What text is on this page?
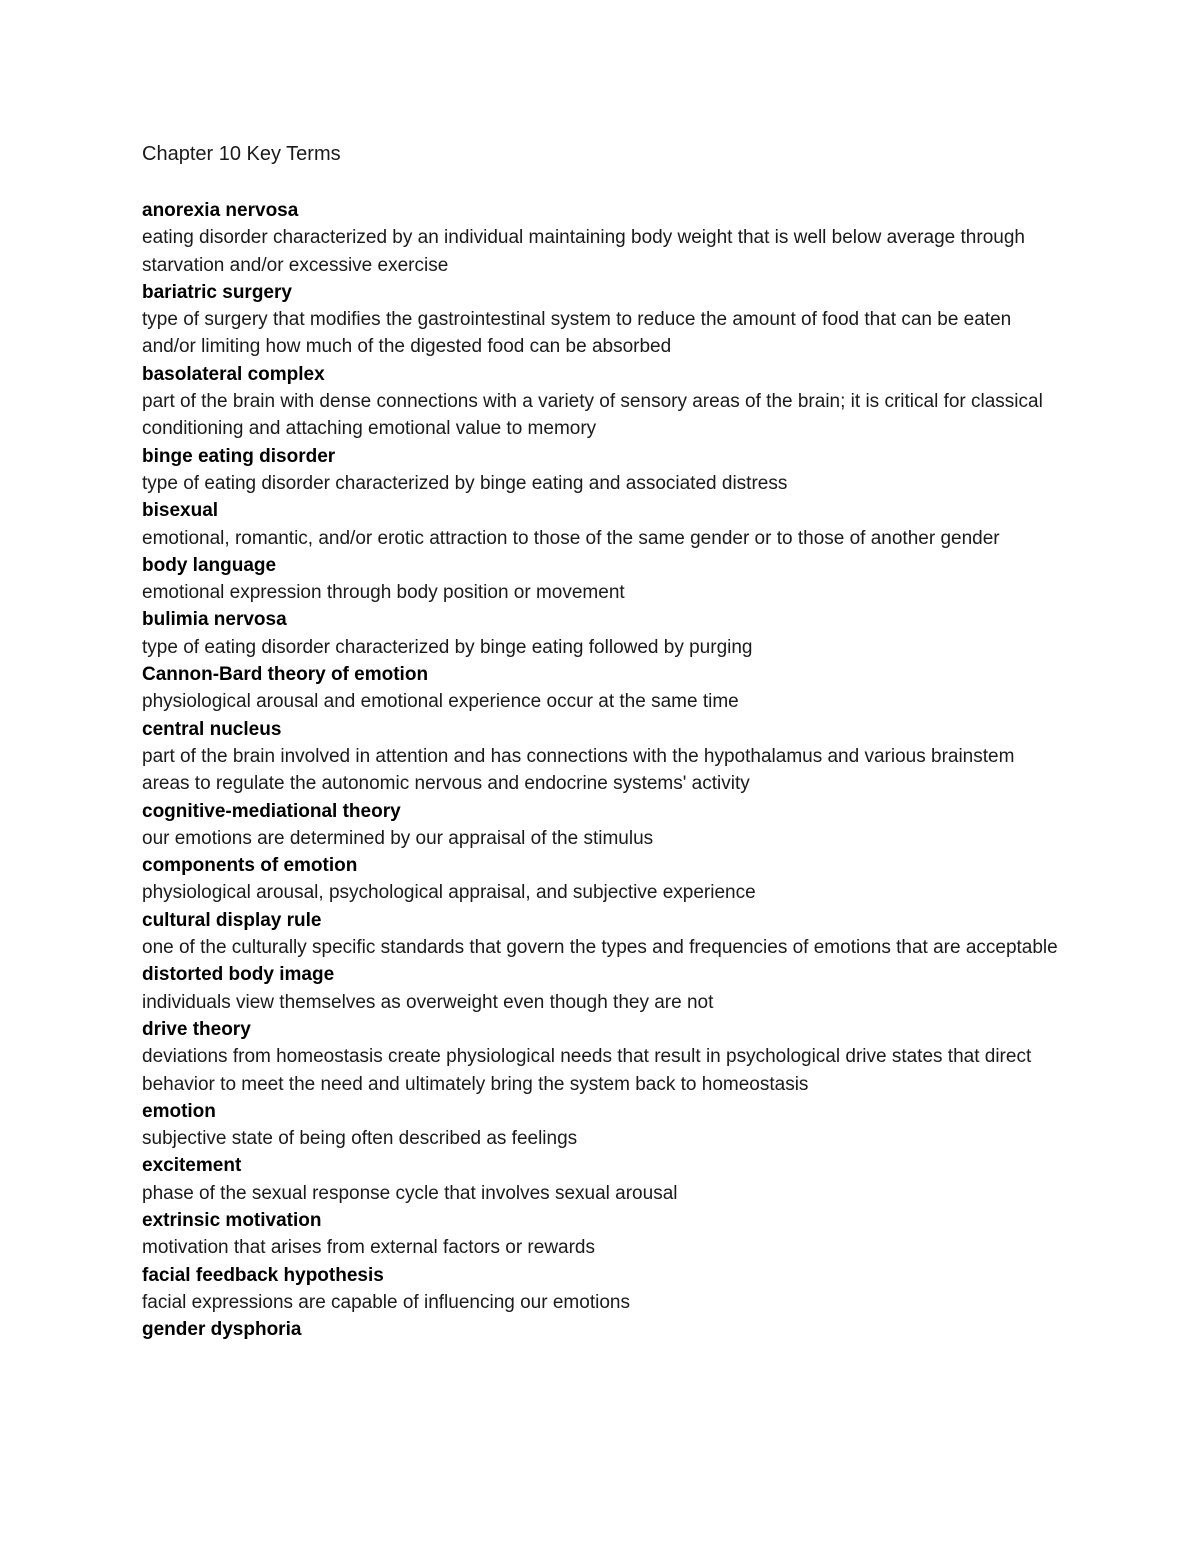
Chapter 10 Key Terms
anorexia nervosa
eating disorder characterized by an individual maintaining body weight that is well below average through starvation and/or excessive exercise
bariatric surgery
type of surgery that modifies the gastrointestinal system to reduce the amount of food that can be eaten and/or limiting how much of the digested food can be absorbed
basolateral complex
part of the brain with dense connections with a variety of sensory areas of the brain; it is critical for classical conditioning and attaching emotional value to memory
binge eating disorder
type of eating disorder characterized by binge eating and associated distress
bisexual
emotional, romantic, and/or erotic attraction to those of the same gender or to those of another gender
body language
emotional expression through body position or movement
bulimia nervosa
type of eating disorder characterized by binge eating followed by purging
Cannon-Bard theory of emotion
physiological arousal and emotional experience occur at the same time
central nucleus
part of the brain involved in attention and has connections with the hypothalamus and various brainstem areas to regulate the autonomic nervous and endocrine systems' activity
cognitive-mediational theory
our emotions are determined by our appraisal of the stimulus
components of emotion
physiological arousal, psychological appraisal, and subjective experience
cultural display rule
one of the culturally specific standards that govern the types and frequencies of emotions that are acceptable
distorted body image
individuals view themselves as overweight even though they are not
drive theory
deviations from homeostasis create physiological needs that result in psychological drive states that direct behavior to meet the need and ultimately bring the system back to homeostasis
emotion
subjective state of being often described as feelings
excitement
phase of the sexual response cycle that involves sexual arousal
extrinsic motivation
motivation that arises from external factors or rewards
facial feedback hypothesis
facial expressions are capable of influencing our emotions
gender dysphoria
